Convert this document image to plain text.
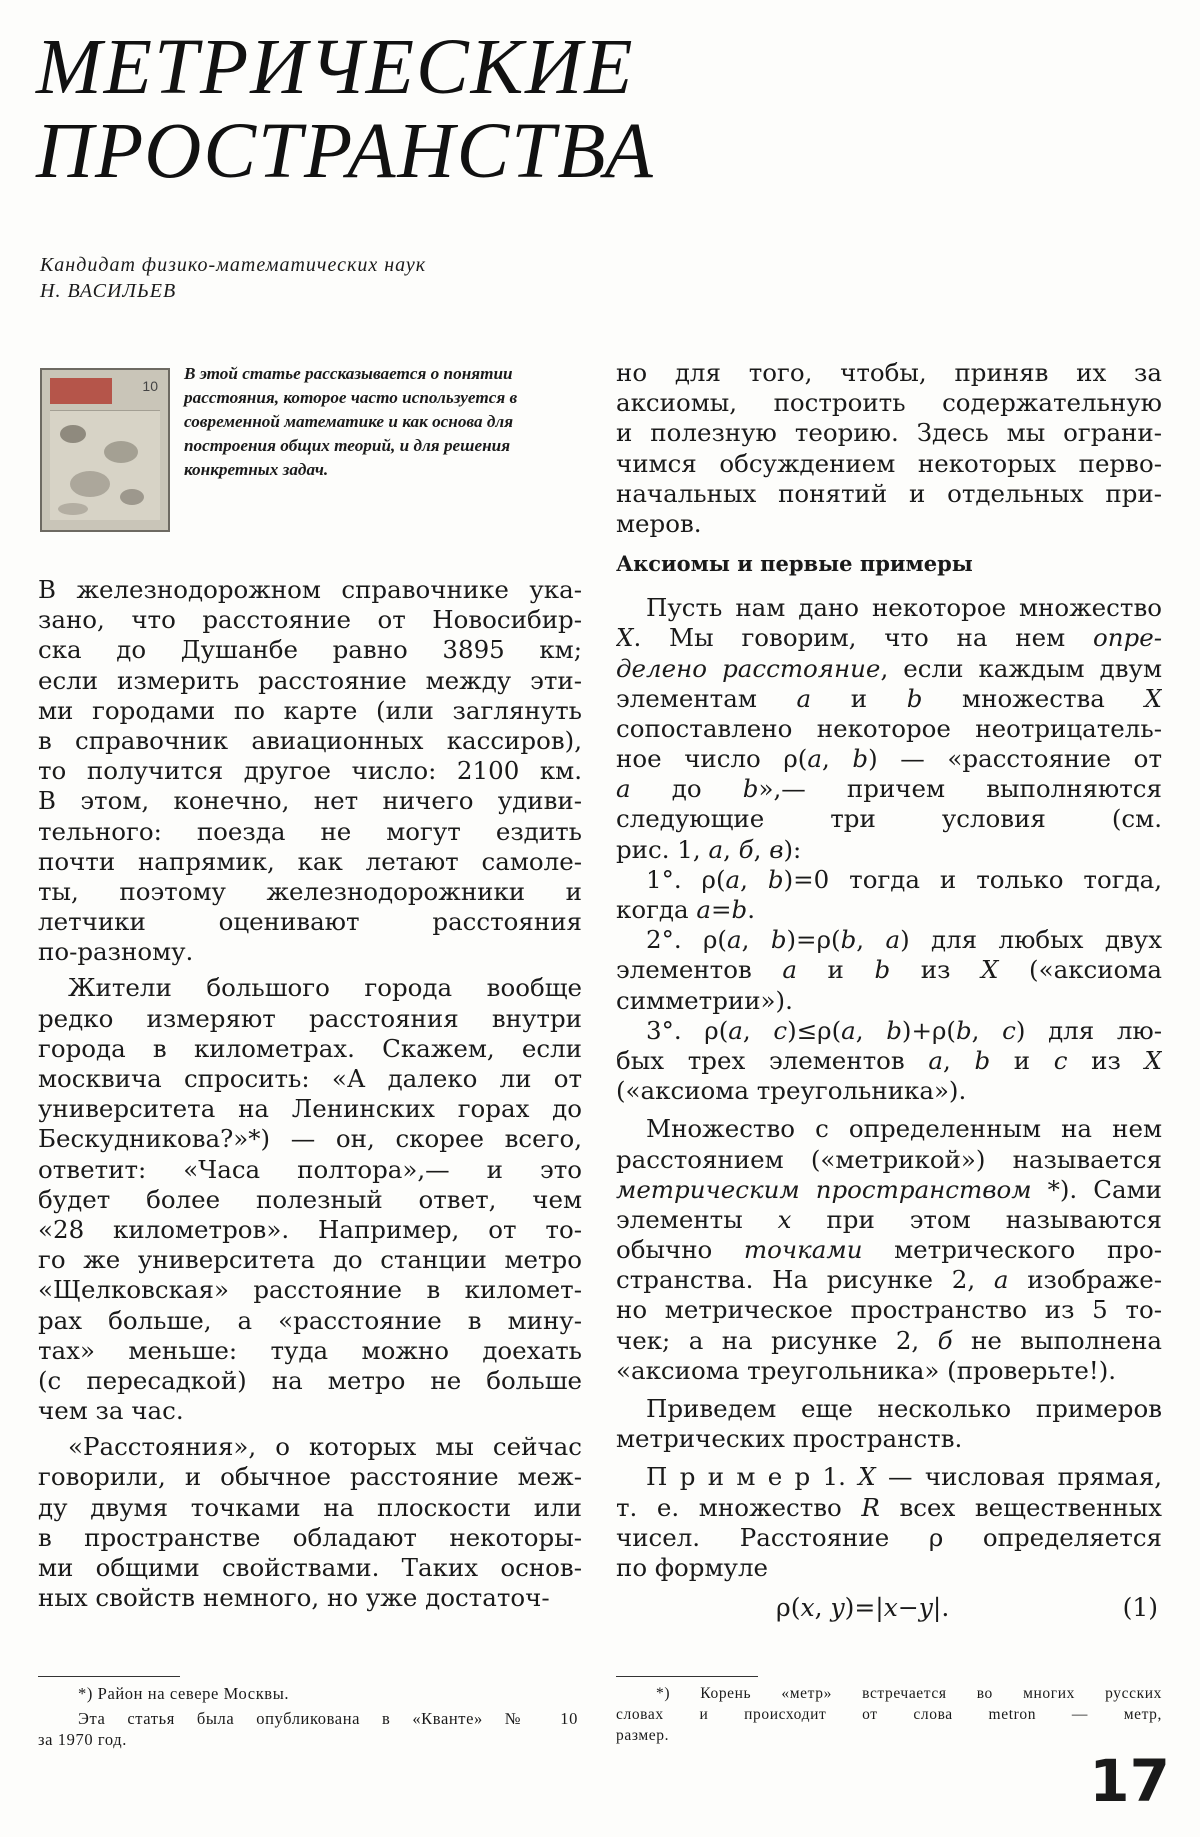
МЕТРИЧЕСКИЕ
ПРОСТРАНСТВА
Кандидат физико-математических наук
Н. ВАСИЛЬЕВ
10
В этой статье рассказывается о понятии расстояния, которое часто используется в современной математике и как основа для построения общих теорий, и для решения конкретных задач.
В железнодорожном справочнике ука-
зано, что расстояние от Новосибир-
ска до Душанбе равно 3895 км;
если измерить расстояние между эти-
ми городами по карте (или заглянуть
в справочник авиационных кассиров),
то получится другое число: 2100 км.
В этом, конечно, нет ничего удиви-
тельного: поезда не могут ездить
почти напрямик, как летают самоле-
ты, поэтому железнодорожники и
летчики оценивают расстояния
по-разному.
Жители большого города вообще
редко измеряют расстояния внутри
города в километрах. Скажем, если
москвича спросить: «А далеко ли от
университета на Ленинских горах до
Бескудникова?»*) — он, скорее всего,
ответит: «Часа полтора»,— и это
будет более полезный ответ, чем
«28 километров». Например, от то-
го же университета до станции метро
«Щелковская» расстояние в километ-
рах больше, а «расстояние в мину-
тах» меньше: туда можно доехать
(с пересадкой) на метро не больше
чем за час.
«Расстояния», о которых мы сейчас
говорили, и обычное расстояние меж-
ду двумя точками на плоскости или
в пространстве обладают некоторы-
ми общими свойствами. Таких основ-
ных свойств немного, но уже достаточ-
но для того, чтобы, приняв их за
аксиомы, построить содержательную
и полезную теорию. Здесь мы ограни-
чимся обсуждением некоторых перво-
начальных понятий и отдельных при-
меров.
Аксиомы и первые примеры
Пусть нам дано некоторое множество
X. Мы говорим, что на нем опре-
делено расстояние, если каждым двум
элементам a и b множества X
сопоставлено некоторое неотрицатель-
ное число ρ(a, b) — «расстояние от
a до b»,— причем выполняются
следующие три условия (см.
рис. 1, а, б, в):
1°. ρ(a, b)=0 тогда и только тогда,
когда a=b.
2°. ρ(a, b)=ρ(b, a) для любых двух
элементов a и b из X («аксиома
симметрии»).
3°. ρ(a, c)≤ρ(a, b)+ρ(b, c) для лю-
бых трех элементов a, b и c из X
(«аксиома треугольника»).
Множество с определенным на нем
расстоянием («метрикой») называется
метрическим пространством *). Сами
элементы x при этом называются
обычно точками метрического про-
странства. На рисунке 2, а изображе-
но метрическое пространство из 5 то-
чек; а на рисунке 2, б не выполнена
«аксиома треугольника» (проверьте!).
Приведем еще несколько примеров
метрических пространств.
П р и м е р 1. X — числовая прямая,
т. е. множество R всех вещественных
чисел. Расстояние ρ определяется
по формуле
ρ(x, y)=|x−y|.	(1)
*) Район на севере Москвы.
Эта статья была опубликована в «Кванте» № 10
за 1970 год.
*) Корень «метр» встречается во многих русских
словах и происходит от слова metron — метр,
размер.
17
